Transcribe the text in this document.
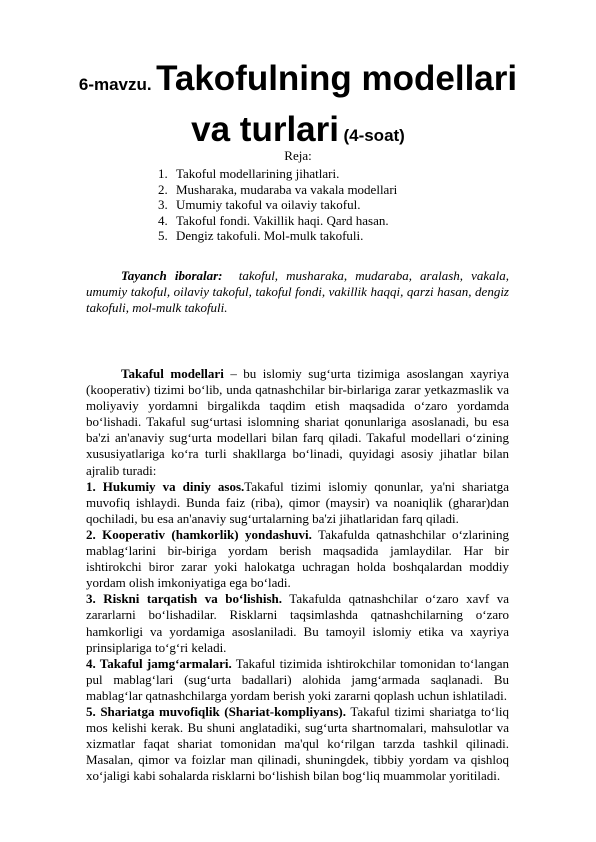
6-mavzu. Takofulning modellari
va turlari (4-soat)
Reja:
1. Takoful modellarining jihatlari.
2. Musharaka, mudaraba va vakala modellari
3. Umumiy takoful va oilaviy takoful.
4. Takoful fondi. Vakillik haqi. Qard hasan.
5. Dengiz takofuli. Mol-mulk takofuli.

Tayanch iboralar: takoful, musharaka, mudaraba, aralash, vakala, umumiy takoful, oilaviy takoful, takoful fondi, vakillik haqqi, qarzi hasan, dengiz takofuli, mol-mulk takofuli.

Takaful modellari – bu islomiy sug‘urta tizimiga asoslangan xayriya (kooperativ) tizimi bo‘lib, unda qatnashchilar bir-birlariga zarar yetkazmaslik va moliyaviy yordamni birgalikda taqdim etish maqsadida o‘zaro yordamda bo‘lishadi. Takaful sug‘urtasi islomning shariat qonunlariga asoslanadi, bu esa ba'zi an'anaviy sug‘urta modellari bilan farq qiladi. Takaful modellari o‘zining xususiyatlariga ko‘ra turli shakllarga bo‘linadi, quyidagi asosiy jihatlar bilan ajralib turadi:

1. Hukumiy va diniy asos.Takaful tizimi islomiy qonunlar, ya'ni shariatga muvofiq ishlaydi. Bunda faiz (riba), qimor (maysir) va noaniqlik (gharar)dan qochiladi, bu esa an'anaviy sug‘urtalarning ba'zi jihatlaridan farq qiladi.

2. Kooperativ (hamkorlik) yondashuvi. Takafulda qatnashchilar o‘zlarining mablag‘larini bir-biriga yordam berish maqsadida jamlaydilar. Har bir ishtirokchi biror zarar yoki halokatga uchragan holda boshqalardan moddiy yordam olish imkoniyatiga ega bo‘ladi.

3. Riskni tarqatish va bo‘lishish. Takafulda qatnashchilar o‘zaro xavf va zararlarni bo‘lishadilar. Risklarni taqsimlashda qatnashchilarning o‘zaro hamkorligi va yordamiga asoslaniladi. Bu tamoyil islomiy etika va xayriya prinsiplariga to‘g‘ri keladi.

4. Takaful jamg‘armalari. Takaful tizimida ishtirokchilar tomonidan to‘langan pul mablag‘lari (sug‘urta badallari) alohida jamg‘armada saqlanadi. Bu mablag‘lar qatnashchilarga yordam berish yoki zararni qoplash uchun ishlatiladi.

5. Shariatga muvofiqlik (Shariat-kompliyans). Takaful tizimi shariatga to‘liq mos kelishi kerak. Bu shuni anglatadiki, sug‘urta shartnomalari, mahsulotlar va xizmatlar faqat shariat tomonidan ma'qul ko‘rilgan tarzda tashkil qilinadi. Masalan, qimor va foizlar man qilinadi, shuningdek, tibbiy yordam va qishloq xo‘jaligi kabi sohalarda risklarni bo‘lishish bilan bog‘liq muammolar yoritiladi.
